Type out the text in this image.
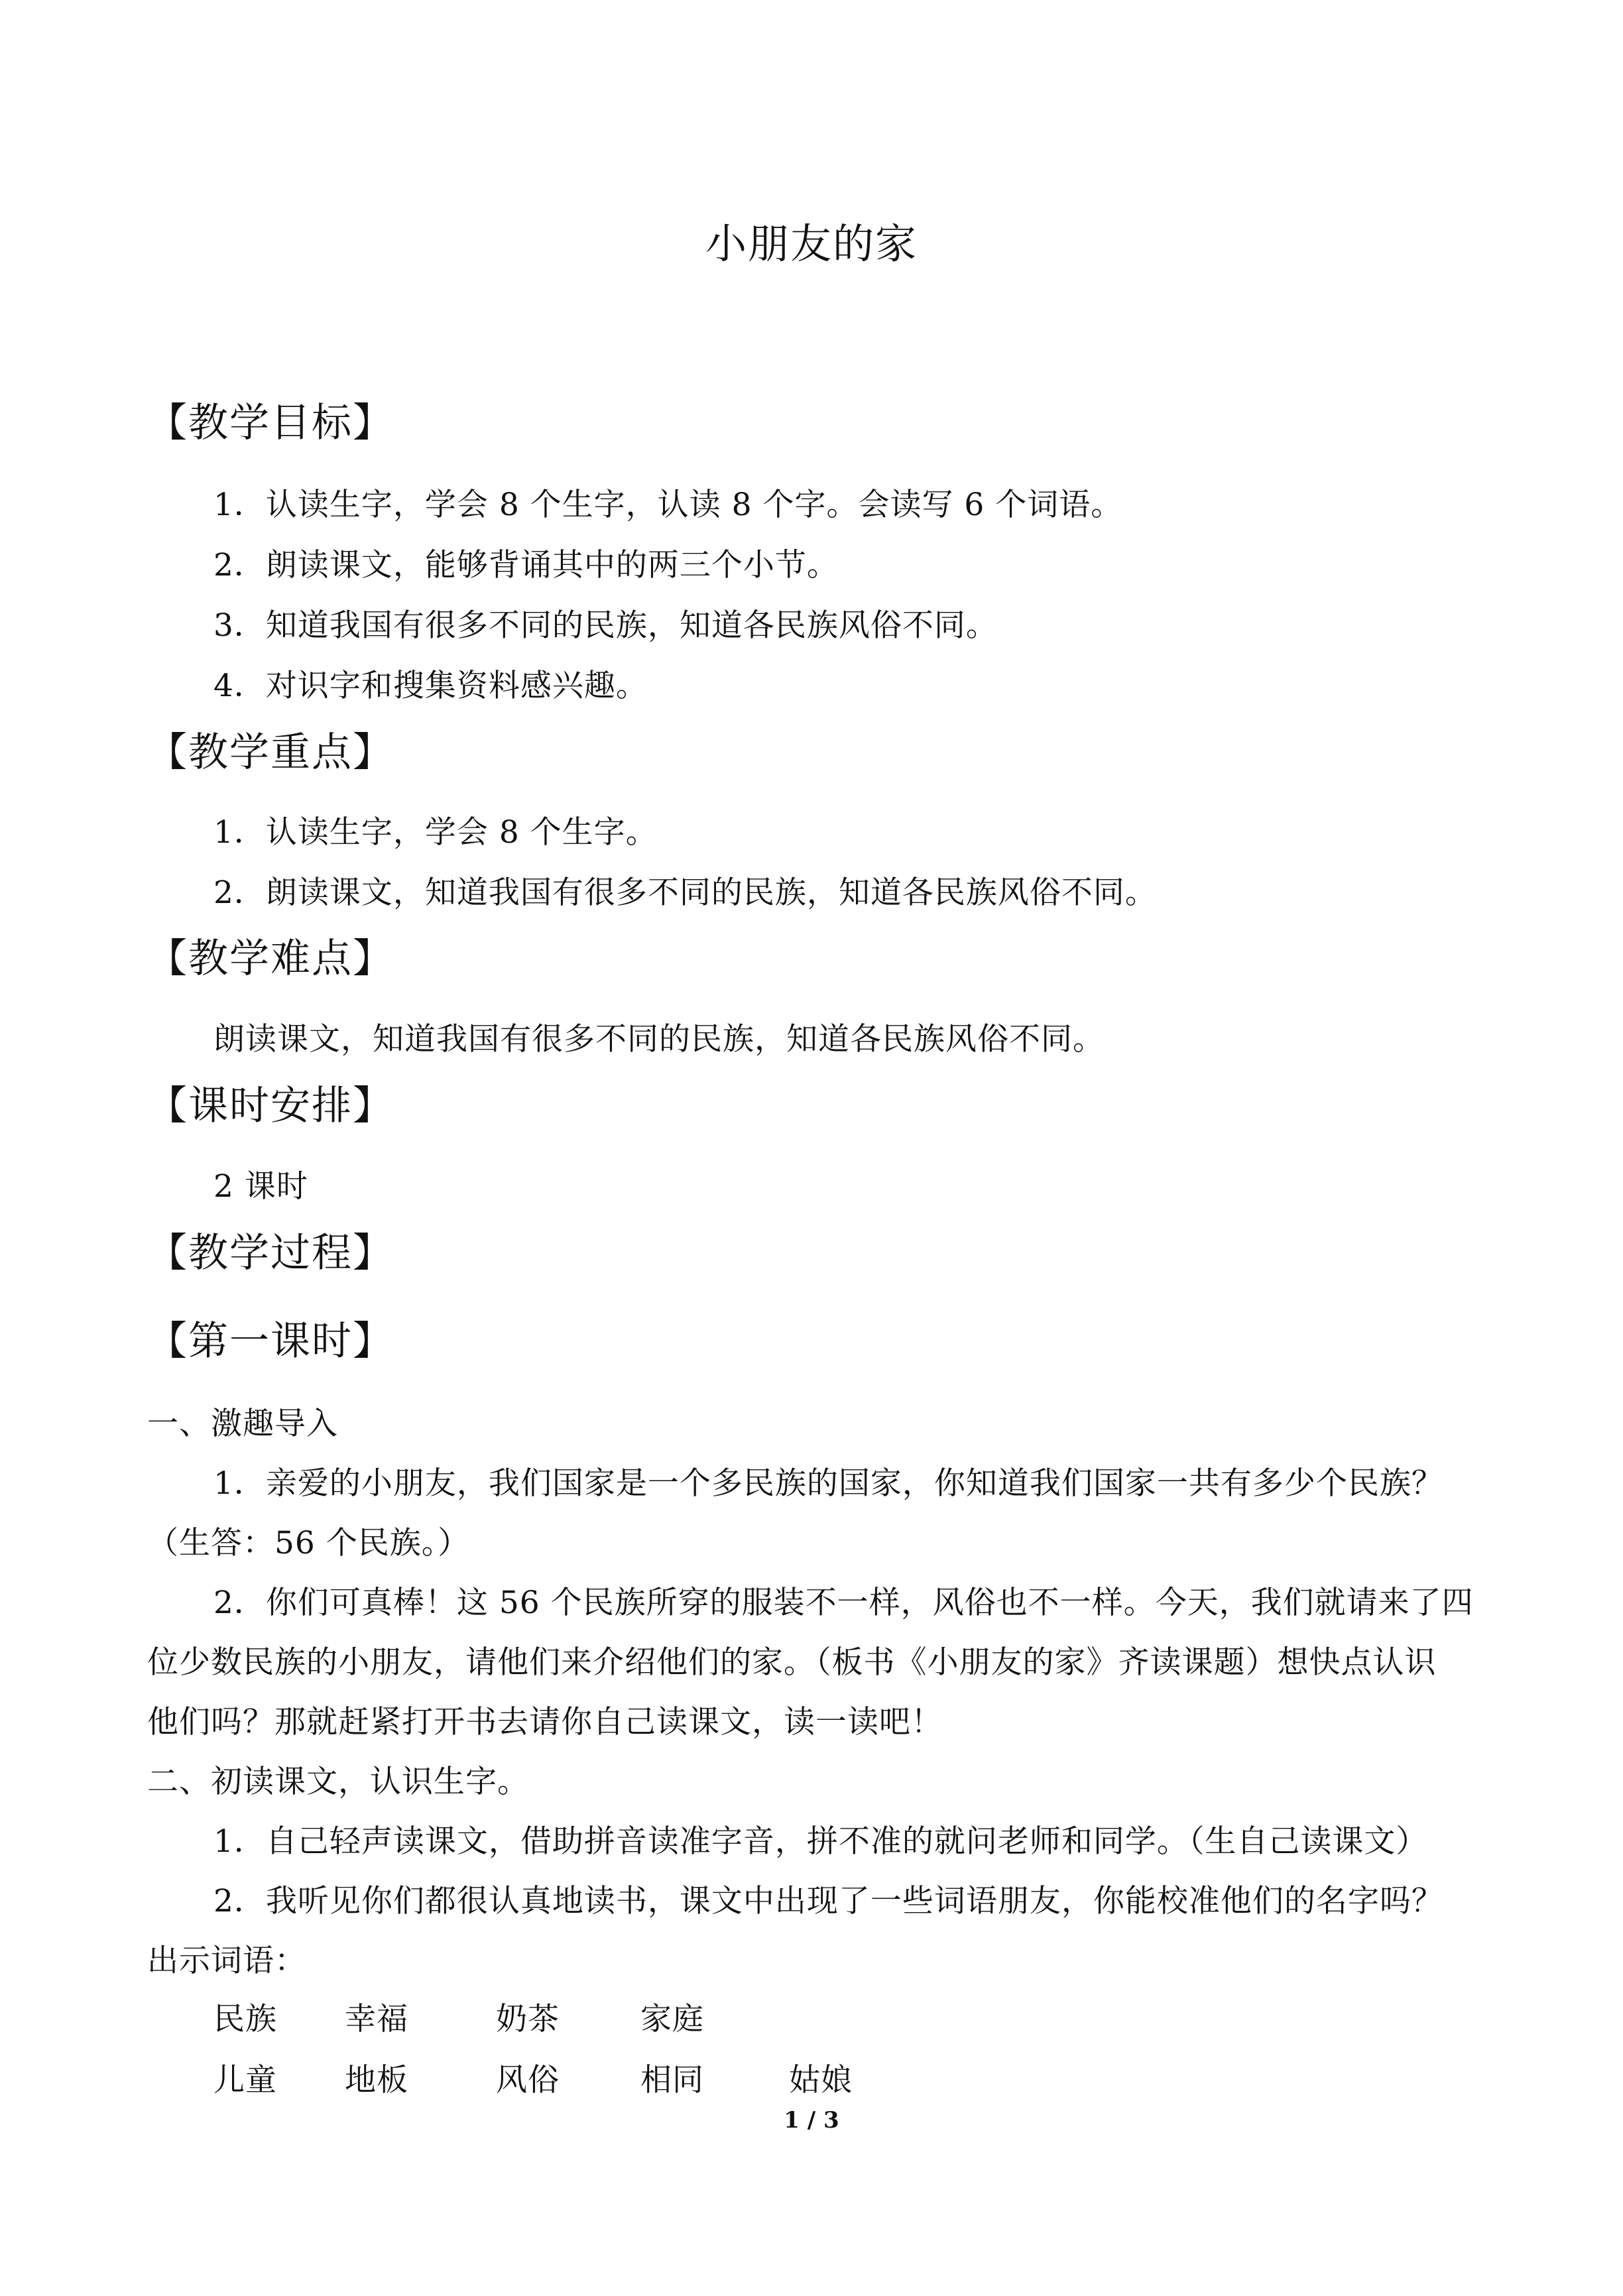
小朋友的家
【教学目标】
1．认读生字，学会 8 个生字，认读 8 个字。会读写 6 个词语。
2．朗读课文，能够背诵其中的两三个小节。
3．知道我国有很多不同的民族，知道各民族风俗不同。
4．对识字和搜集资料感兴趣。
【教学重点】
1．认读生字，学会 8 个生字。
2．朗读课文，知道我国有很多不同的民族，知道各民族风俗不同。
【教学难点】
朗读课文，知道我国有很多不同的民族，知道各民族风俗不同。
【课时安排】
2 课时
【教学过程】
【第一课时】
一、激趣导入
1．亲爱的小朋友，我们国家是一个多民族的国家，你知道我们国家一共有多少个民族？
（生答：56 个民族。）
2．你们可真棒！这 56 个民族所穿的服装不一样，风俗也不一样。今天，我们就请来了四
位少数民族的小朋友，请他们来介绍他们的家。（板书《小朋友的家》齐读课题）想快点认识
他们吗？那就赶紧打开书去请你自己读课文，读一读吧！
二、初读课文，认识生字。
1．自己轻声读课文，借助拼音读准字音，拼不准的就问老师和同学。（生自己读课文）
2．我听见你们都很认真地读书，课文中出现了一些词语朋友，你能校准他们的名字吗？
出示词语：
民族 幸福	奶茶	家庭
儿童 地板	风俗	相同	姑娘
1 / 3
